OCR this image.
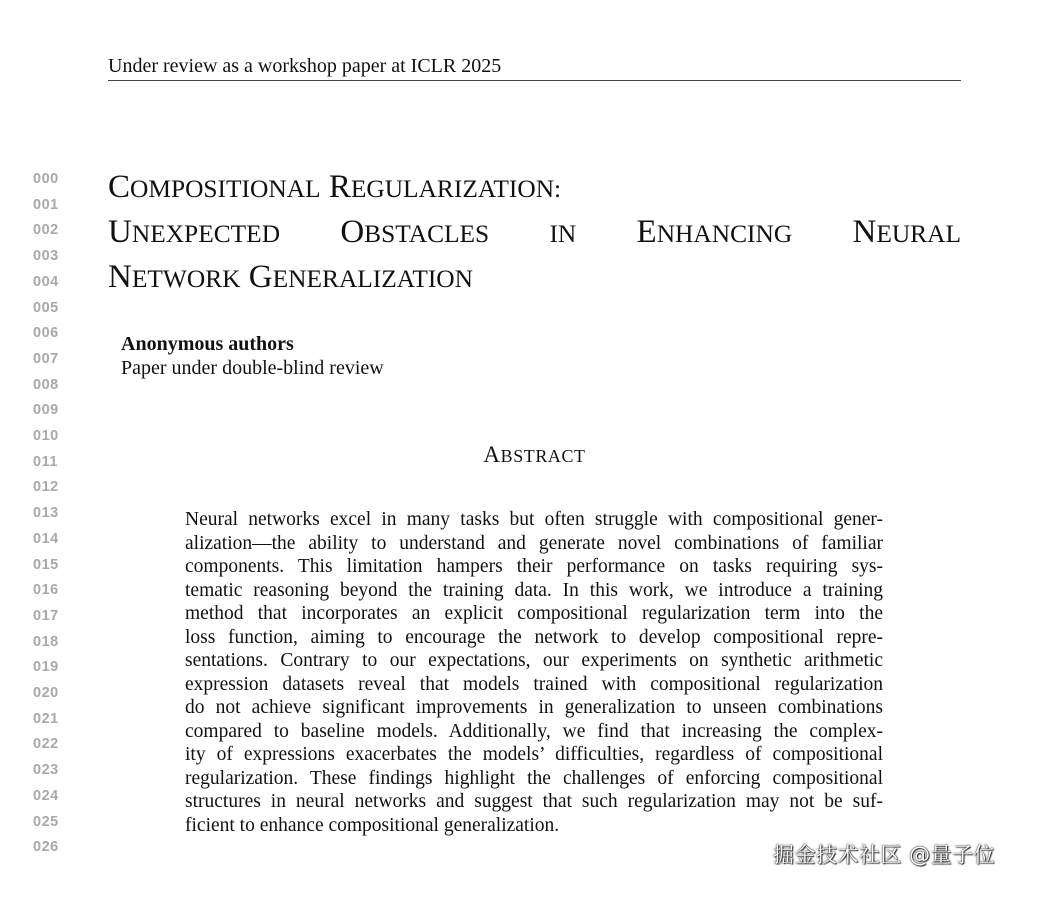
Under review as a workshop paper at ICLR 2025
000
001
002
003
004
005
006
007
008
009
010
011
012
013
014
015
016
017
018
019
020
021
022
023
024
025
026
COMPOSITIONAL REGULARIZATION:
UNEXPECTED OBSTACLES IN ENHANCING NEURAL
NETWORK GENERALIZATION
Anonymous authors
Paper under double-blind review
ABSTRACT
Neural networks excel in many tasks but often struggle with compositional gener-
alization—the ability to understand and generate novel combinations of familiar
components. This limitation hampers their performance on tasks requiring sys-
tematic reasoning beyond the training data. In this work, we introduce a training
method that incorporates an explicit compositional regularization term into the
loss function, aiming to encourage the network to develop compositional repre-
sentations. Contrary to our expectations, our experiments on synthetic arithmetic
expression datasets reveal that models trained with compositional regularization
do not achieve significant improvements in generalization to unseen combinations
compared to baseline models. Additionally, we find that increasing the complex-
ity of expressions exacerbates the models’ difficulties, regardless of compositional
regularization. These findings highlight the challenges of enforcing compositional
structures in neural networks and suggest that such regularization may not be suf-
ficient to enhance compositional generalization.
掘金技术社区 @量子位
